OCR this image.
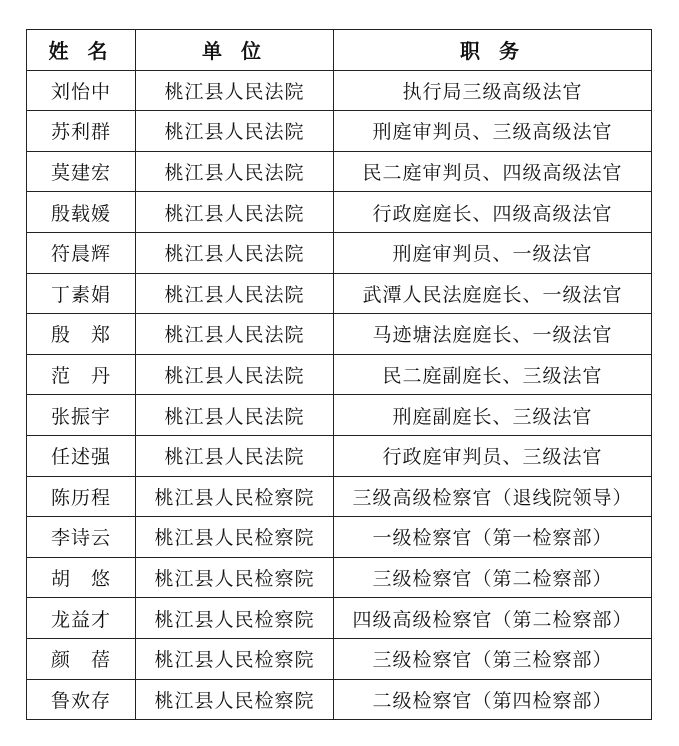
姓 名	单 位	职 务
刘怡中	桃江县人民法院	执行局三级高级法官
苏利群	桃江县人民法院	刑庭审判员、三级高级法官
莫建宏	桃江县人民法院	民二庭审判员、四级高级法官
殷载媛	桃江县人民法院	行政庭庭长、四级高级法官
符晨辉	桃江县人民法院	刑庭审判员、一级法官
丁素娟	桃江县人民法院	武潭人民法庭庭长、一级法官
殷　郑	桃江县人民法院	马迹塘法庭庭长、一级法官
范　丹	桃江县人民法院	民二庭副庭长、三级法官
张振宇	桃江县人民法院	刑庭副庭长、三级法官
任述强	桃江县人民法院	行政庭审判员、三级法官
陈历程	桃江县人民检察院	三级高级检察官（退线院领导）
李诗云	桃江县人民检察院	一级检察官（第一检察部）
胡　悠	桃江县人民检察院	三级检察官（第二检察部）
龙益才	桃江县人民检察院	四级高级检察官（第二检察部）
颜　蓓	桃江县人民检察院	三级检察官（第三检察部）
鲁欢存	桃江县人民检察院	二级检察官（第四检察部）
